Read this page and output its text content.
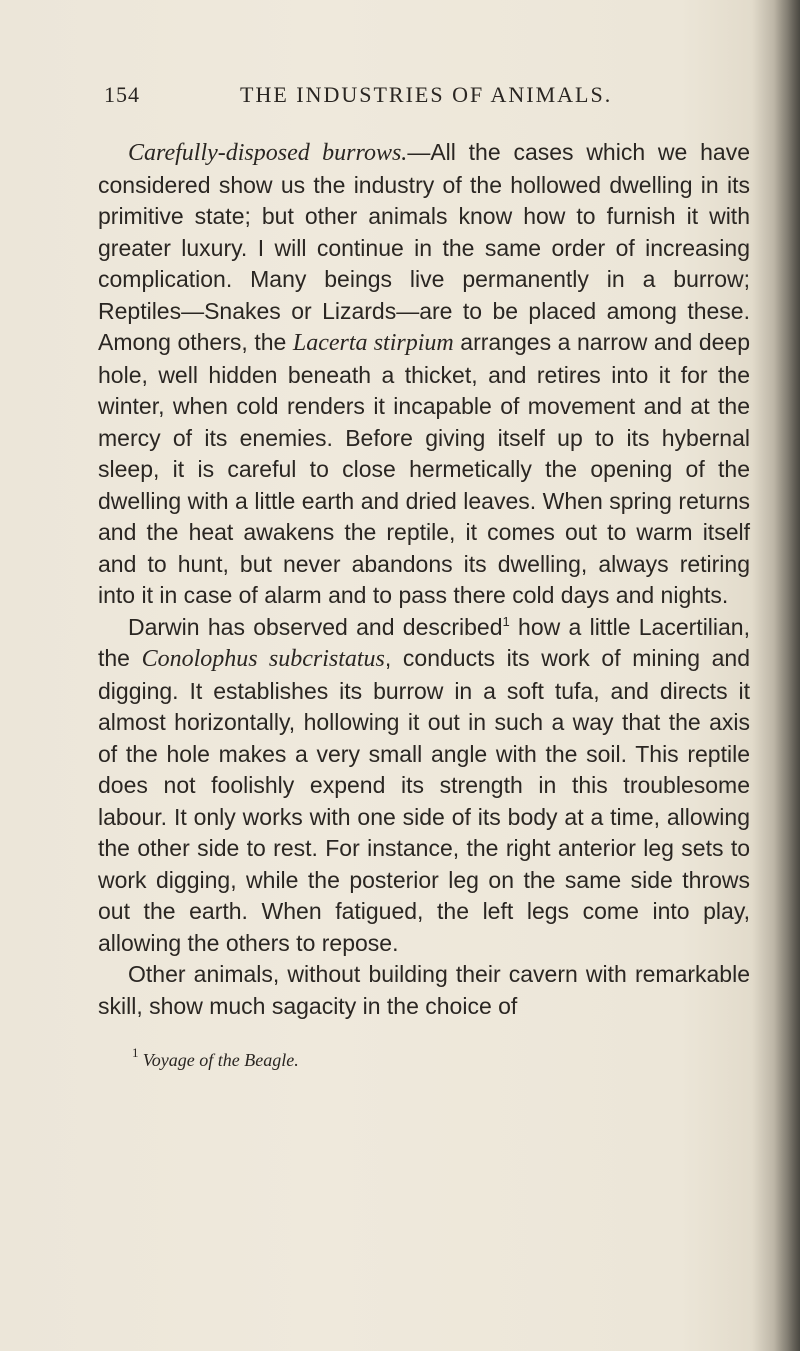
154	THE INDUSTRIES OF ANIMALS.

Carefully-disposed burrows.—All the cases which we have considered show us the industry of the hollowed dwelling in its primitive state; but other animals know how to furnish it with greater luxury. I will continue in the same order of increasing complication. Many beings live permanently in a burrow; Reptiles—Snakes or Lizards—are to be placed among these. Among others, the Lacerta stirpium arranges a narrow and deep hole, well hidden beneath a thicket, and retires into it for the winter, when cold renders it incapable of movement and at the mercy of its enemies. Before giving itself up to its hybernal sleep, it is careful to close hermetically the opening of the dwelling with a little earth and dried leaves. When spring returns and the heat awakens the reptile, it comes out to warm itself and to hunt, but never abandons its dwelling, always retiring into it in case of alarm and to pass there cold days and nights.

Darwin has observed and described$^1$ how a little Lacertilian, the Conolophus subcristatus, conducts its work of mining and digging. It establishes its burrow in a soft tufa, and directs it almost horizontally, hollowing it out in such a way that the axis of the hole makes a very small angle with the soil. This reptile does not foolishly expend its strength in this troublesome labour. It only works with one side of its body at a time, allowing the other side to rest. For instance, the right anterior leg sets to work digging, while the posterior leg on the same side throws out the earth. When fatigued, the left legs come into play, allowing the others to repose.

Other animals, without building their cavern with remarkable skill, show much sagacity in the choice of

$^1$ Voyage of the Beagle.
